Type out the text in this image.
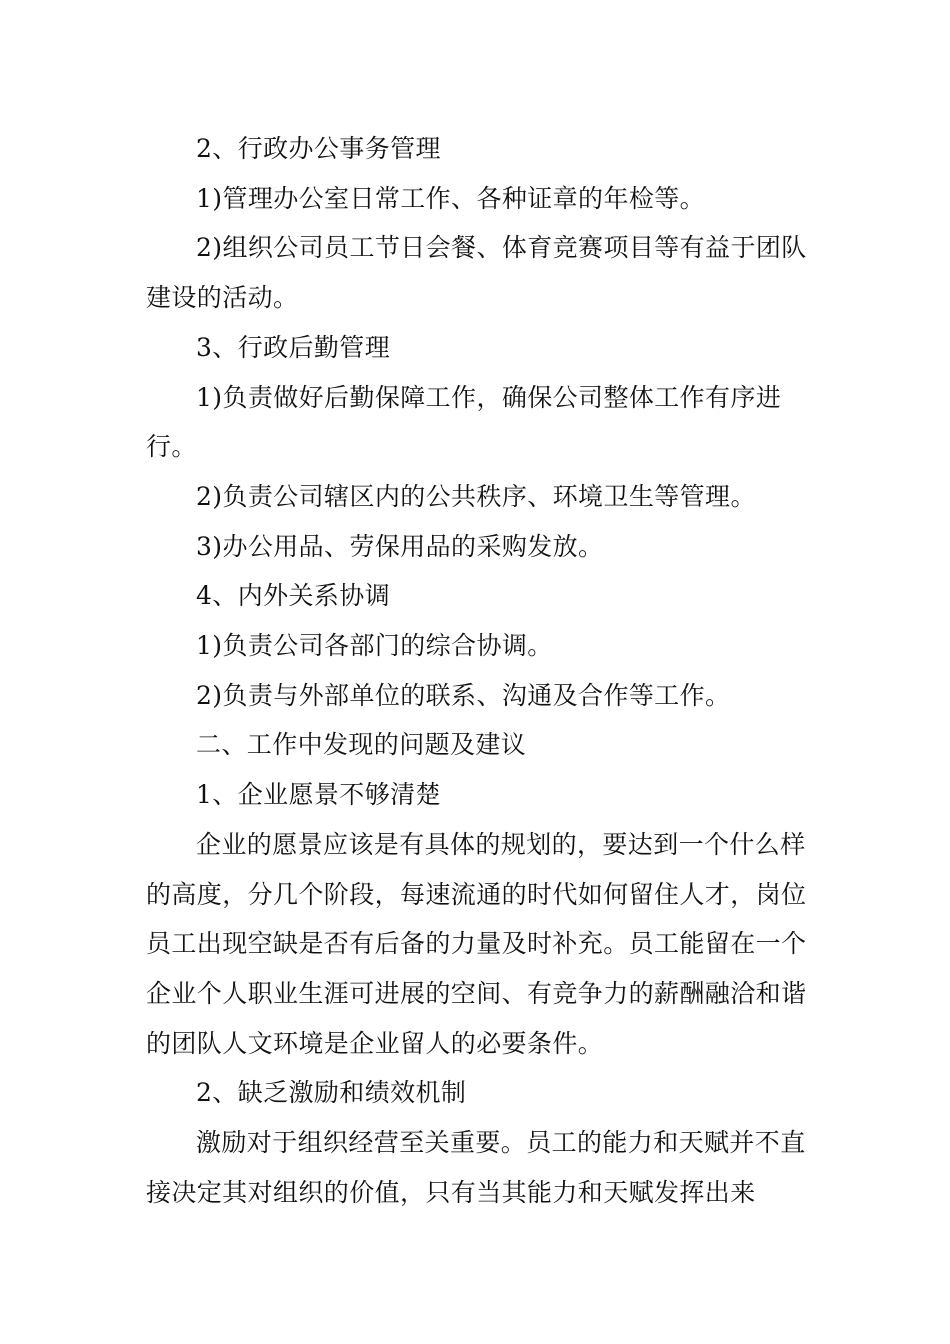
2、行政办公事务管理

1)管理办公室日常工作、各种证章的年检等。

2)组织公司员工节日会餐、体育竞赛项目等有益于团队建设的活动。

3、行政后勤管理

1)负责做好后勤保障工作，确保公司整体工作有序进行。

2)负责公司辖区内的公共秩序、环境卫生等管理。

3)办公用品、劳保用品的采购发放。

4、内外关系协调

1)负责公司各部门的综合协调。

2)负责与外部单位的联系、沟通及合作等工作。

二、工作中发现的问题及建议

1、企业愿景不够清楚

企业的愿景应该是有具体的规划的，要达到一个什么样的高度，分几个阶段，每速流通的时代如何留住人才，岗位员工出现空缺是否有后备的力量及时补充。员工能留在一个企业个人职业生涯可进展的空间、有竞争力的薪酬融洽和谐的团队人文环境是企业留人的必要条件。

2、缺乏激励和绩效机制

激励对于组织经营至关重要。员工的能力和天赋并不直接决定其对组织的价值，只有当其能力和天赋发挥出来
